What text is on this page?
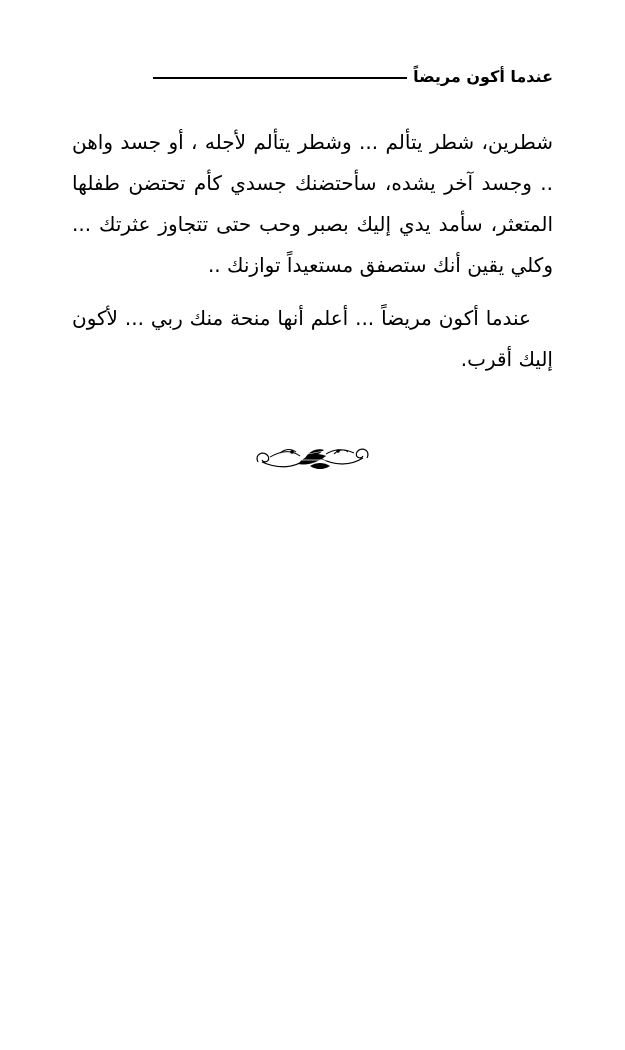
عندما أكون مريضاً

شطرين، شطر يتألم ... وشطر يتألم لأجله ، أو جسد واهن .. وجسد آخر يشده، سأحتضنك جسدي كأم تحتضن طفلها المتعثر، سأمد يدي إليك بصبر وحب حتى تتجاوز عثرتك ... وكلي يقين أنك ستصفق مستعيداً توازنك ..

عندما أكون مريضاً ... أعلم أنها منحة منك ربي ... لأكون إليك أقرب.
